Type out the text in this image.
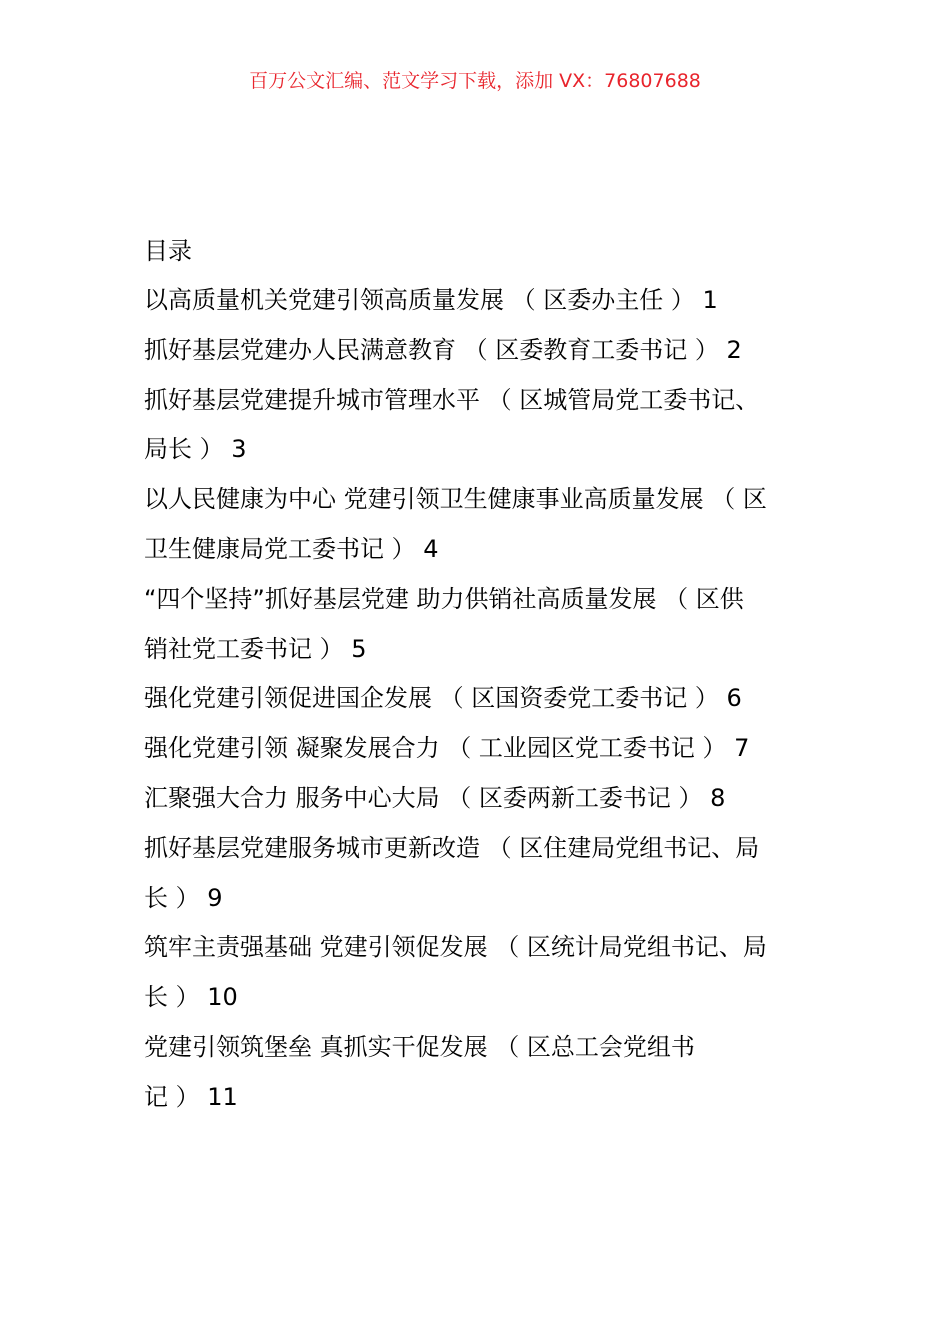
百万公文汇编、范文学习下载，添加 VX：76807688
目录
以高质量机关党建引领高质量发展 （ 区委办主任 ） 1
抓好基层党建办人民满意教育 （ 区委教育工委书记 ） 2
抓好基层党建提升城市管理水平 （ 区城管局党工委书记、
局长 ） 3
以人民健康为中心 党建引领卫生健康事业高质量发展 （ 区
卫生健康局党工委书记 ） 4
“四个坚持”抓好基层党建 助力供销社高质量发展 （ 区供
销社党工委书记 ） 5
强化党建引领促进国企发展 （ 区国资委党工委书记 ） 6
强化党建引领 凝聚发展合力 （ 工业园区党工委书记 ） 7
汇聚强大合力 服务中心大局 （ 区委两新工委书记 ） 8
抓好基层党建服务城市更新改造 （ 区住建局党组书记、局
长 ） 9
筑牢主责强基础 党建引领促发展 （ 区统计局党组书记、局
长 ） 10
党建引领筑堡垒 真抓实干促发展 （ 区总工会党组书
记 ） 11
